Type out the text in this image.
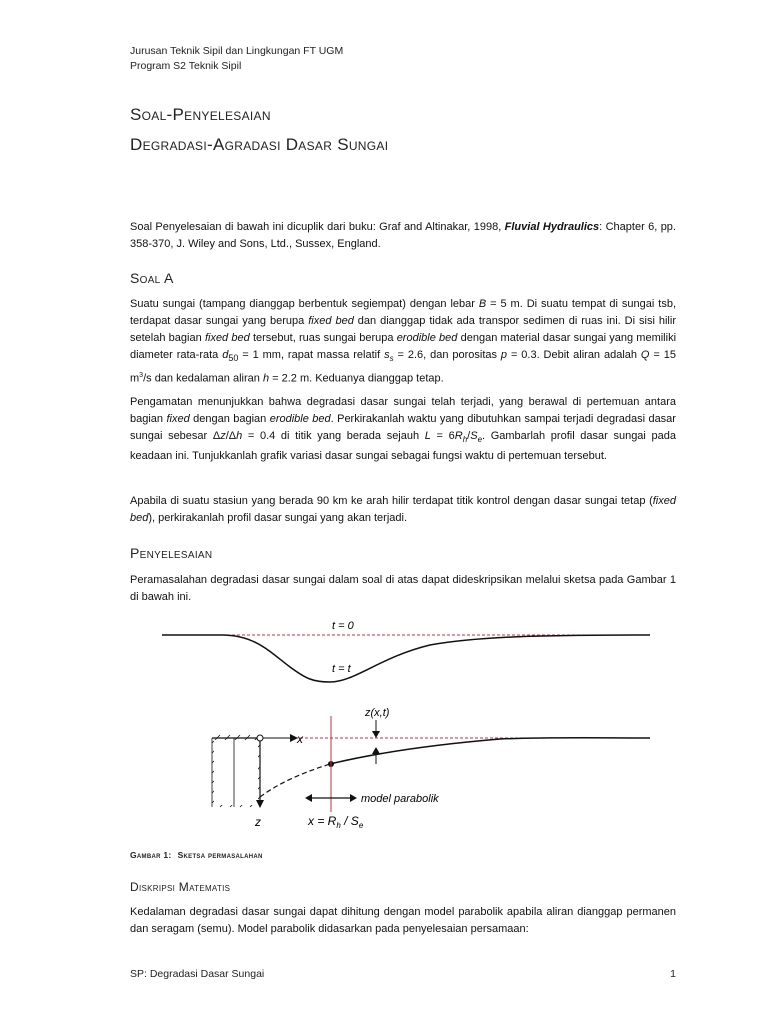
Jurusan Teknik Sipil dan Lingkungan FT UGM
Program S2 Teknik Sipil
Soal-Penyelesaian
Degradasi-Agradasi Dasar Sungai
Soal Penyelesaian di bawah ini dicuplik dari buku: Graf and Altinakar, 1998, Fluvial Hydraulics: Chapter 6, pp. 358-370, J. Wiley and Sons, Ltd., Sussex, England.
Soal A
Suatu sungai (tampang dianggap berbentuk segiempat) dengan lebar B = 5 m. Di suatu tempat di sungai tsb, terdapat dasar sungai yang berupa fixed bed dan dianggap tidak ada transpor sedimen di ruas ini. Di sisi hilir setelah bagian fixed bed tersebut, ruas sungai berupa erodible bed dengan material dasar sungai yang memiliki diameter rata-rata $d_{50} = 1$ mm, rapat massa relatif $s_s = 2.6$, dan porositas p = 0.3. Debit aliran adalah Q = 15 $m^3/s$ dan kedalaman aliran h = 2.2 m. Keduanya dianggap tetap.
Pengamatan menunjukkan bahwa degradasi dasar sungai telah terjadi, yang berawal di pertemuan antara bagian fixed dengan bagian erodible bed. Perkirakanlah waktu yang dibutuhkan sampai terjadi degradasi dasar sungai sebesar Δz/Δh = 0.4 di titik yang berada sejauh $L = 6R_h/S_e$. Gambarlah profil dasar sungai pada keadaan ini. Tunjukkanlah grafik variasi dasar sungai sebagai fungsi waktu di pertemuan tersebut.
Apabila di suatu stasiun yang berada 90 km ke arah hilir terdapat titik kontrol dengan dasar sungai tetap (fixed bed), perkirakanlah profil dasar sungai yang akan terjadi.
Penyelesaian
Peramasalahan degradasi dasar sungai dalam soal di atas dapat dideskripsikan melalui sketsa pada Gambar 1 di bawah ini.
t = 0
t = t
x
z
z(x,t)
model parabolik
$x = R_h / S_e$
Gambar 1: Sketsa permasalahan
Diskripsi Matematis
Kedalaman degradasi dasar sungai dapat dihitung dengan model parabolik apabila aliran dianggap permanen dan seragam (semu). Model parabolik didasarkan pada penyelesaian persamaan:
SP: Degradasi Dasar Sungai	1
